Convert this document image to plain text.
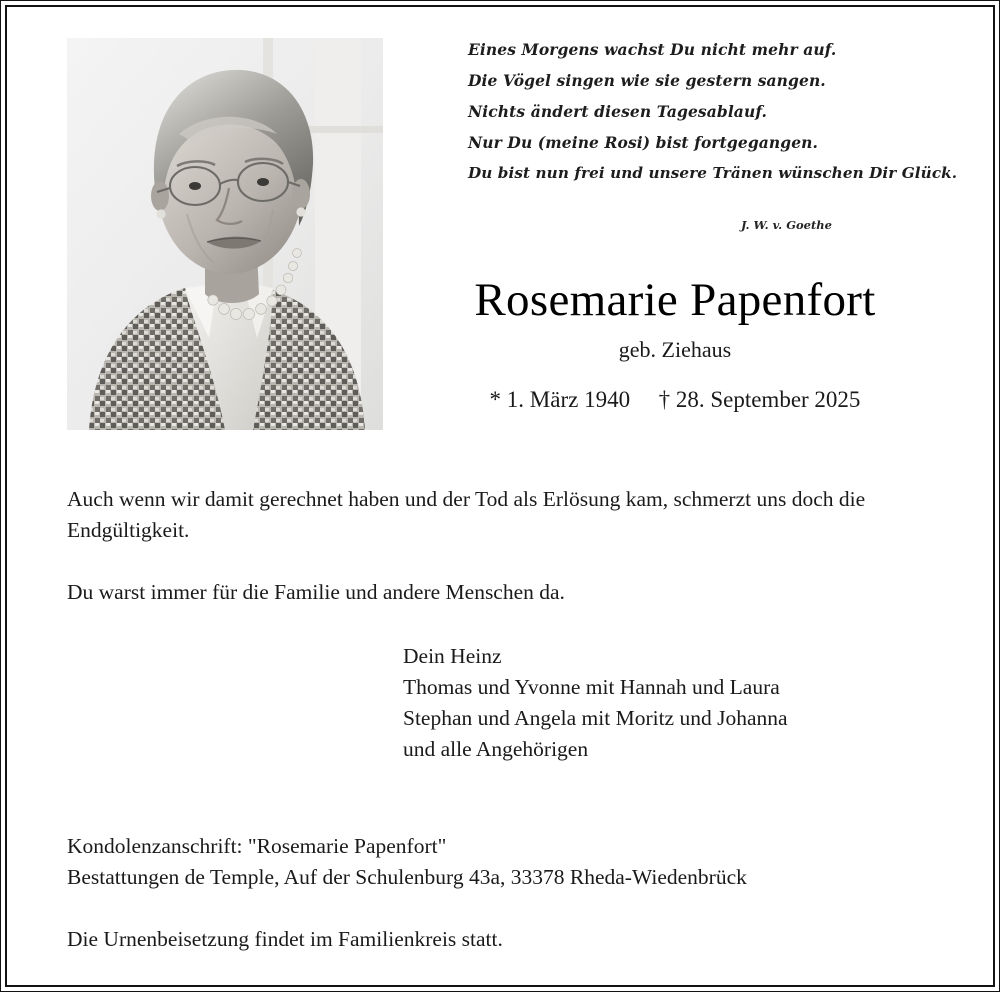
Eines Morgens wachst Du nicht mehr auf.
Die Vögel singen wie sie gestern sangen.
Nichts ändert diesen Tagesablauf.
Nur Du (meine Rosi) bist fortgegangen.
Du bist nun frei und unsere Tränen wünschen Dir Glück.
J. W. v. Goethe
Rosemarie Papenfort
geb. Ziehaus
* 1. März 1940 † 28. September 2025

Auch wenn wir damit gerechnet haben und der Tod als Erlösung kam, schmerzt uns doch die Endgültigkeit.

Du warst immer für die Familie und andere Menschen da.

Dein Heinz
Thomas und Yvonne mit Hannah und Laura
Stephan und Angela mit Moritz und Johanna
und alle Angehörigen
Kondolenzanschrift: "Rosemarie Papenfort"
Bestattungen de Temple, Auf der Schulenburg 43a, 33378 Rheda-Wiedenbrück
Die Urnenbeisetzung findet im Familienkreis statt.
